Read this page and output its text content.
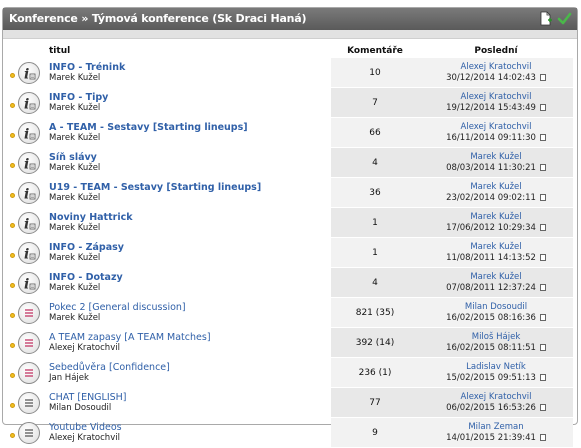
Konference » Týmová konference (Sk Draci Haná)
		titul	Komentáře	Poslední

i	INFO - Trénink
Marek Kužel	10	Alexej Kratochvil
30/12/2014 14:02:43

i	INFO - Tipy
Marek Kužel	7	Alexej Kratochvil
19/12/2014 15:43:49

i	A - TEAM - Sestavy [Starting lineups]
Marek Kužel	66	Alexej Kratochvil
16/11/2014 09:11:30

i	Síň slávy
Marek Kužel	4	Marek Kužel
08/03/2014 11:30:21

i	U19 - TEAM - Sestavy [Starting lineups]
Marek Kužel	36	Marek Kužel
23/02/2014 09:02:11

i	Noviny Hattrick
Marek Kužel	1	Marek Kužel
17/06/2012 10:29:34

i	INFO - Zápasy
Marek Kužel	1	Marek Kužel
11/08/2011 14:13:52

i	INFO - Dotazy
Marek Kužel	4	Marek Kužel
07/08/2011 12:37:24

Pokec 2 [General discussion]
Marek Kužel	821 (35)	Milan Dosoudil
16/02/2015 08:16:36

A TEAM zapasy [A TEAM Matches]
Alexej Kratochvil	392 (14)	Miloš Hájek
16/02/2015 08:11:51

Sebedůvěra [Confidence]
Jan Hájek	236 (1)	Ladislav Netík
15/02/2015 09:51:13

CHAT [ENGLISH]
Milan Dosoudil	77	Alexej Kratochvil
06/02/2015 16:53:26

Youtube Videos
Alexej Kratochvil	9	Milan Zeman
14/01/2015 21:39:41
